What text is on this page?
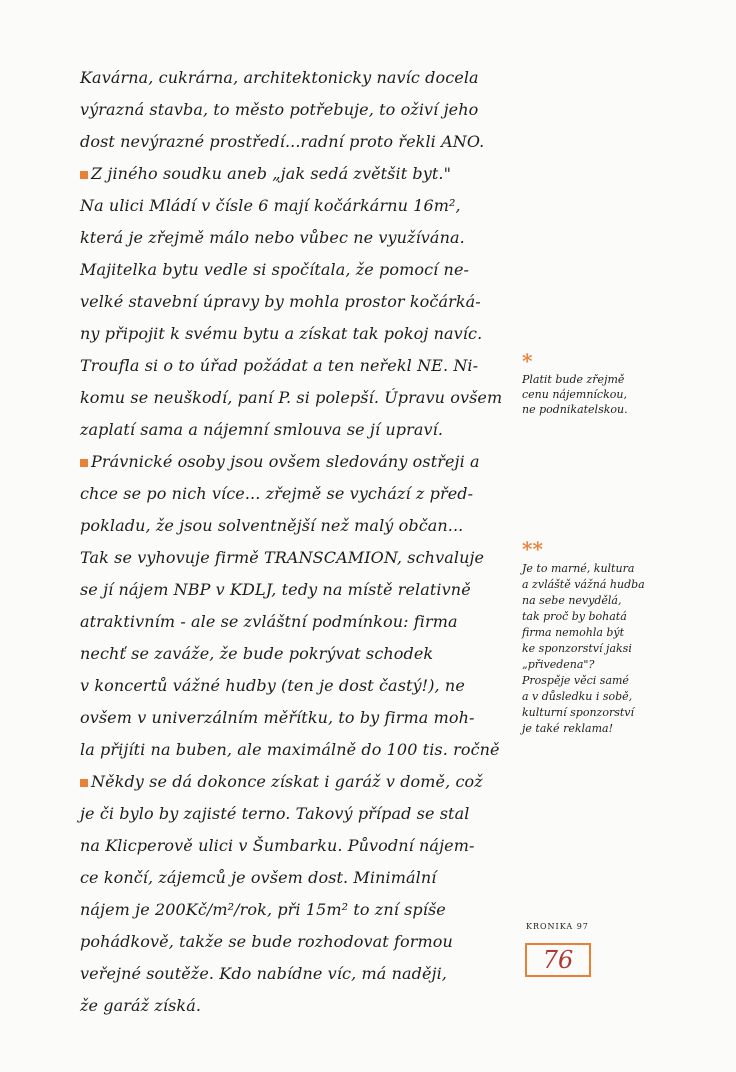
Kavárna, cukrárna, architektonicky navíc docela
výrazná stavba, to město potřebuje, to oživí jeho
dost nevýrazné prostředí...radní proto řekli ANO.
Z jiného soudku aneb „jak sedá zvětšit byt."
Na ulici Mládí v čísle 6 mají kočárkárnu 16m²,
která je zřejmě málo nebo vůbec ne využívána.
Majitelka bytu vedle si spočítala, že pomocí ne-
velké stavební úpravy by mohla prostor kočárká-
ny připojit k svému bytu a získat tak pokoj navíc.
Troufla si o to úřad požádat a ten neřekl NE. Ni-
komu se neuškodí, paní P. si polepší. Úpravu ovšem
zaplatí sama a nájemní smlouva se jí upraví.
Právnické osoby jsou ovšem sledovány ostřeji a
chce se po nich více... zřejmě se vychází z před-
pokladu, že jsou solventnější než malý občan...
Tak se vyhovuje firmě TRANSCAMION, schvaluje
se jí nájem NBP v KDLJ, tedy na místě relativně
atraktivním - ale se zvláštní podmínkou: firma
nechť se zaváže, že bude pokrývat schodek
v koncertů vážné hudby (ten je dost častý!), ne
ovšem v univerzálním měřítku, to by firma moh-
la přijíti na buben, ale maximálně do 100 tis. ročně
Někdy se dá dokonce získat i garáž v domě, což
je či bylo by zajisté terno. Takový případ se stal
na Klicperově ulici v Šumbarku. Původní nájem-
ce končí, zájemců je ovšem dost. Minimální
nájem je 200Kč/m²/rok, při 15m² to zní spíše
pohádkově, takže se bude rozhodovat formou
veřejné soutěže. Kdo nabídne víc, má naději,
že garáž získá.
*
Platit bude zřejmě
cenu nájemníckou,
ne podnikatelskou.
**
Je to marné, kultura
a zvláště vážná hudba
na sebe nevydělá,
tak proč by bohatá
firma nemohla být
ke sponzorství jaksi
„přivedena"?
Prospěje věci samé
a v důsledku i sobě,
kulturní sponzorství
je také reklama!
KRONIKA 97
76
